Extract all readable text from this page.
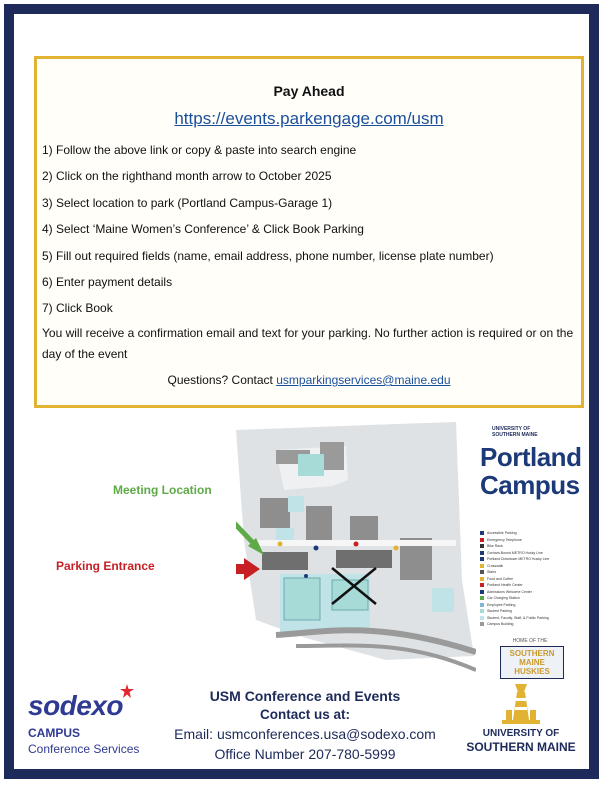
Pay Ahead
https://events.parkengage.com/usm
1) Follow the above link or copy & paste into search engine
2) Click on the righthand month arrow to October 2025
3) Select location to park (Portland Campus-Garage 1)
4) Select ‘Maine Women’s Conference’ & Click Book Parking
5) Fill out required fields (name, email address, phone number, license plate number)
6) Enter payment details
7) Click Book
You will receive a confirmation email and text for your parking. No further action is required or on the day of the event
Questions? Contact usmparkingservices@maine.edu
Meeting Location
Parking Entrance
UNIVERSITY OF SOUTHERN MAINE
Portland
Campus
Accessible Parking
Emergency Telephone
Bike Rack
Gorham-Bound METRO Husky Line
Portland Downtown METRO Husky Line
Crosswalk
Stairs
Food and Coffee
Portland Health Center
Admissions Welcome Center
Car Charging Station
Employee Parking
Student Parking
Student, Faculty, Staff, & Public Parking
Campus Building
HOME OF THE
SOUTHERN MAINE HUSKIES
sodexo
CAMPUS
Conference Services
USM Conference and Events
Contact us at:
Email: usmconferences.usa@sodexo.com
Office Number 207-780-5999
UNIVERSITY OF
SOUTHERN MAINE
